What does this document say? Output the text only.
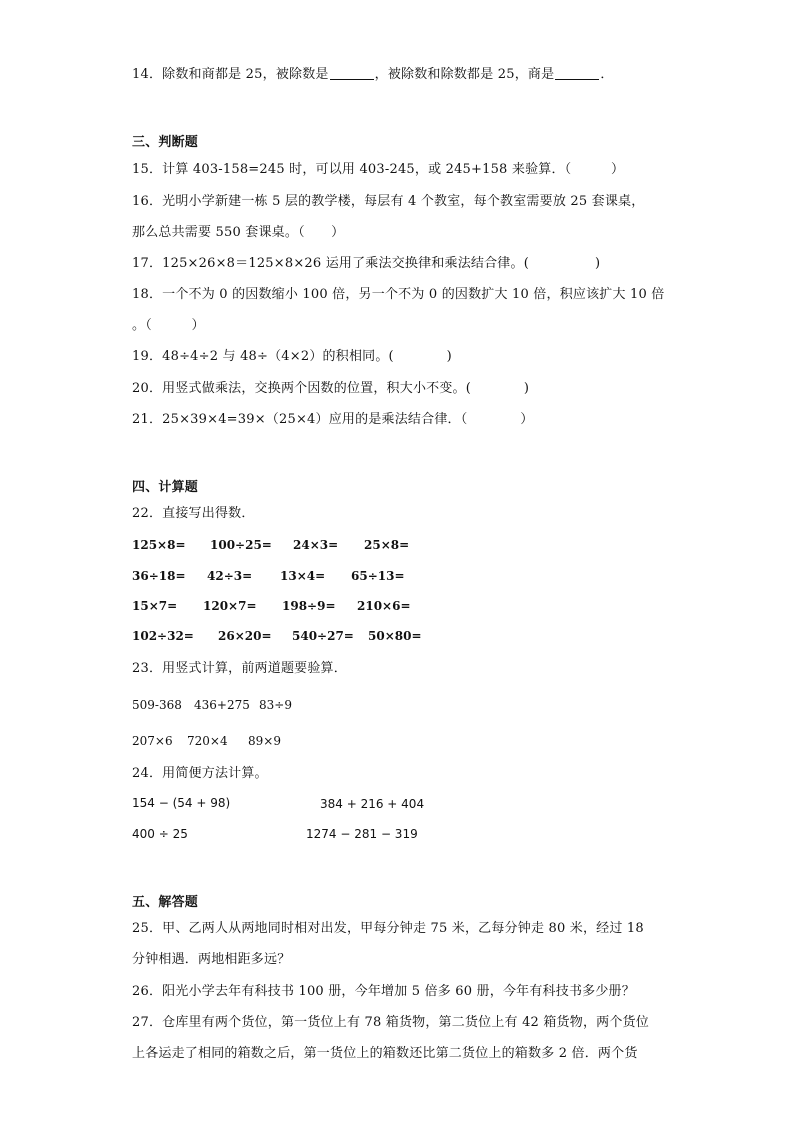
14．除数和商都是 25，被除数是	，被除数和除数都是 25，商是	．
三、判断题
15．计算 403-158=245 时，可以用 403-245，或 245+158 来验算．（　　　）
16．光明小学新建一栋 5 层的教学楼，每层有 4 个教室，每个教室需要放 25 套课桌，
那么总共需要 550 套课桌。（　　）
17．125×26×8＝125×8×26 运用了乘法交换律和乘法结合律。(　　　　　)
18．一个不为 0 的因数缩小 100 倍，另一个不为 0 的因数扩大 10 倍，积应该扩大 10 倍
。（　　　）
19．48÷4÷2 与 48÷（4×2）的积相同。(　　　　)
20．用竖式做乘法，交换两个因数的位置，积大小不变。(　　　　)
21．25×39×4=39×（25×4）应用的是乘法结合律．（　　　　）
四、计算题
22．直接写出得数．
125×8= 100÷25= 24×3= 25×8=
36÷18= 42÷3= 13×4= 65÷13=
15×7= 120×7= 198÷9= 210×6=
102÷32= 26×20= 540÷27= 50×80=
23．用竖式计算，前两道题要验算．
509-368 436+275 83÷9
207×6 720×4 89×9
24．用简便方法计算。
154 − (54 + 98)	384 + 216 + 404
400 ÷ 25	1274 − 281 − 319
五、解答题
25．甲、乙两人从两地同时相对出发，甲每分钟走 75 米，乙每分钟走 80 米，经过 18
分钟相遇．两地相距多远？
26．阳光小学去年有科技书 100 册，今年增加 5 倍多 60 册，今年有科技书多少册？
27．仓库里有两个货位，第一货位上有 78 箱货物，第二货位上有 42 箱货物，两个货位
上各运走了相同的箱数之后，第一货位上的箱数还比第二货位上的箱数多 2 倍．两个货
